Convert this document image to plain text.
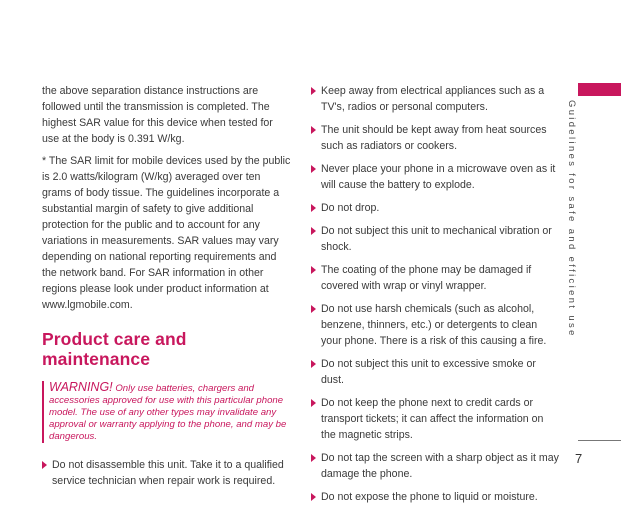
the above separation distance instructions are followed until the transmission is completed. The highest SAR value for this device when tested for use at the body is 0.391 W/kg.

* The SAR limit for mobile devices used by the public is 2.0 watts/kilogram (W/kg) averaged over ten grams of body tissue. The guidelines incorporate a substantial margin of safety to give additional protection for the public and to account for any variations in measurements. SAR values may vary depending on national reporting requirements and the network band. For SAR information in other regions please look under product information at www.lgmobile.com.

Product care and maintenance
WARNING! Only use batteries, chargers and accessories approved for use with this particular phone model. The use of any other types may invalidate any approval or warranty applying to the phone, and may be dangerous.
Do not disassemble this unit. Take it to a qualified service technician when repair work is required.
Keep away from electrical appliances such as a TV's, radios or personal computers.
The unit should be kept away from heat sources such as radiators or cookers.
Never place your phone in a microwave oven as it will cause the battery to explode.
Do not drop.
Do not subject this unit to mechanical vibration or shock.
The coating of the phone may be damaged if covered with wrap or vinyl wrapper.
Do not use harsh chemicals (such as alcohol, benzene, thinners, etc.) or detergents to clean your phone. There is a risk of this causing a fire.
Do not subject this unit to excessive smoke or dust.
Do not keep the phone next to credit cards or transport tickets; it can affect the information on the magnetic strips.
Do not tap the screen with a sharp object as it may damage the phone.
Do not expose the phone to liquid or moisture.
Guidelines for safe and efficient use
7
